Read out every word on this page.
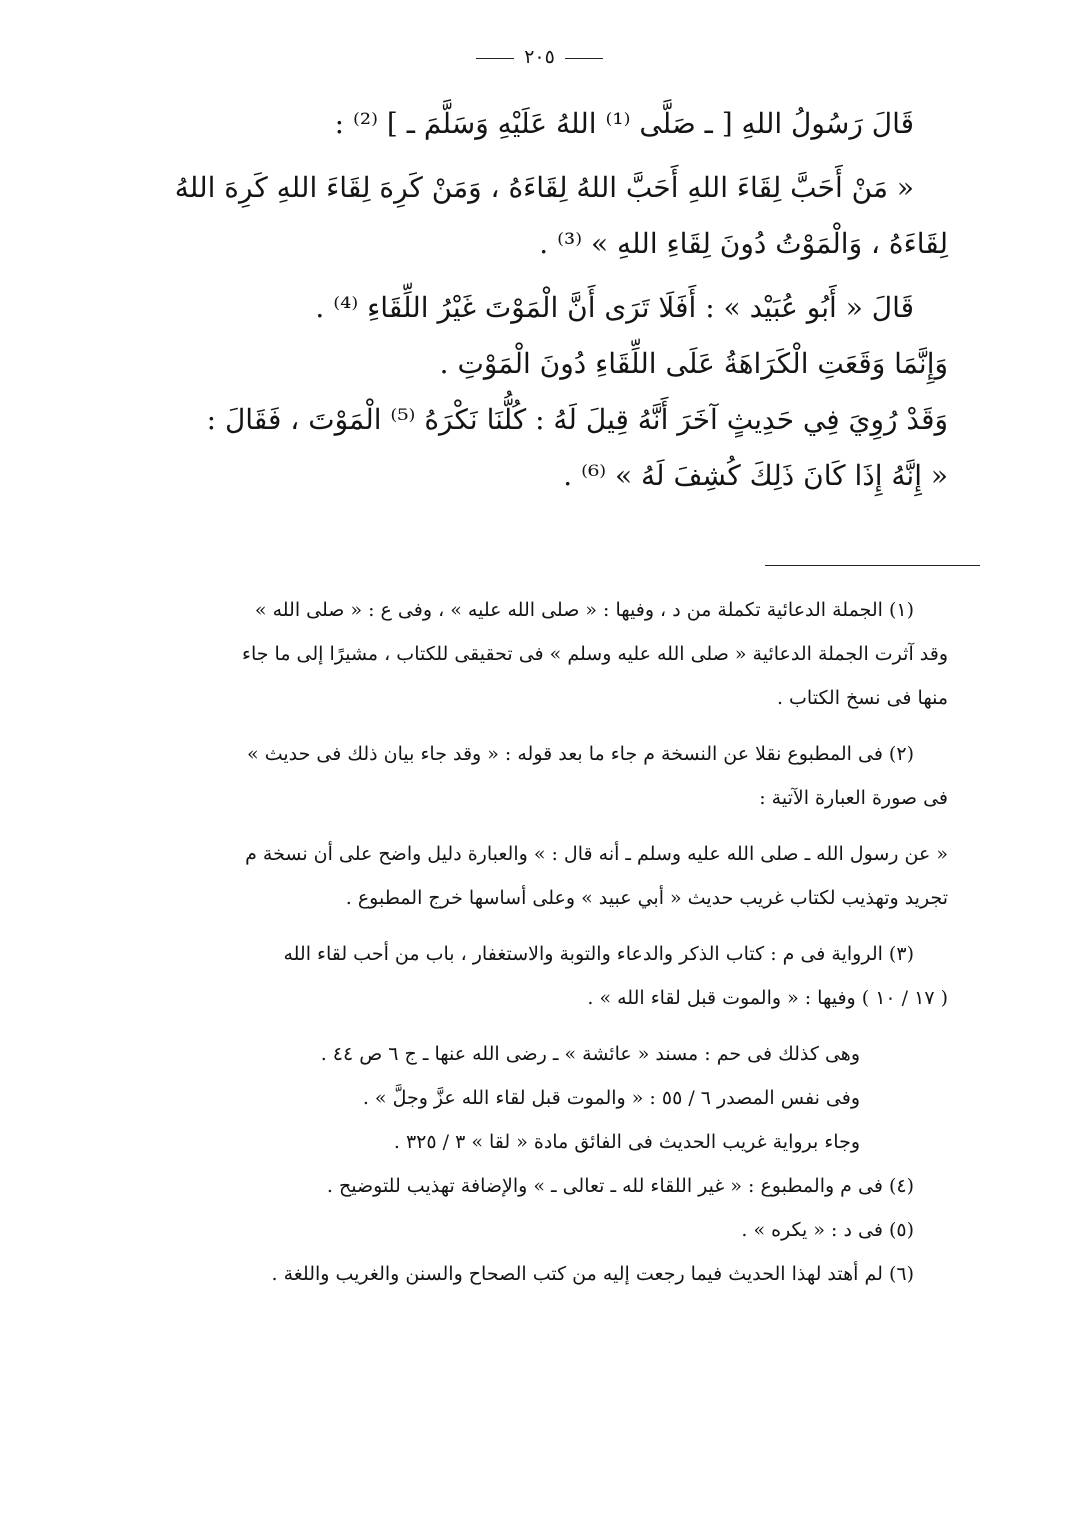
٢٠٥

قَالَ رَسُولُ اللهِ [ ـ صَلَّى ⁽¹⁾ اللهُ عَلَيْهِ وَسَلَّمَ ـ ] ⁽²⁾ :

« مَنْ أَحَبَّ لِقَاءَ اللهِ أَحَبَّ اللهُ لِقَاءَهُ ، وَمَنْ كَرِهَ لِقَاءَ اللهِ كَرِهَ اللهُ

لِقَاءَهُ ، وَالْمَوْتُ دُونَ لِقَاءِ اللهِ » ⁽³⁾ .

قَالَ « أَبُو عُبَيْد » : أَفَلَا تَرَى أَنَّ الْمَوْتَ غَيْرُ اللِّقَاءِ ⁽⁴⁾ .

وَإِنَّمَا وَقَعَتِ الْكَرَاهَةُ عَلَى اللِّقَاءِ دُونَ الْمَوْتِ .

وَقَدْ رُوِيَ فِي حَدِيثٍ آخَرَ أَنَّهُ قِيلَ لَهُ : كُلُّنَا نَكْرَهُ ⁽⁵⁾ الْمَوْتَ ، فَقَالَ :

« إِنَّهُ إِذَا كَانَ ذَلِكَ كُشِفَ لَهُ » ⁽⁶⁾ .

(١) الجملة الدعائية تكملة من د ، وفيها : « صلى الله عليه » ، وفى ع : « صلى الله »

وقد آثرت الجملة الدعائية « صلى الله عليه وسلم » فى تحقيقى للكتاب ، مشيرًا إلى ما جاء

منها فى نسخ الكتاب .

(٢) فى المطبوع نقلا عن النسخة م جاء ما بعد قوله : « وقد جاء بيان ذلك فى حديث »

فى صورة العبارة الآتية :

« عن رسول الله ـ صلى الله عليه وسلم ـ أنه قال : » والعبارة دليل واضح على أن نسخة م

تجريد وتهذيب لكتاب غريب حديث « أبي عبيد » وعلى أساسها خرج المطبوع .

(٣) الرواية فى م : كتاب الذكر والدعاء والتوبة والاستغفار ، باب من أحب لقاء الله

( ١٧ / ١٠ ) وفيها : « والموت قبل لقاء الله » .

وهى كذلك فى حم : مسند « عائشة » ـ رضى الله عنها ـ ج ٦ ص ٤٤ .

وفى نفس المصدر ٦ / ٥٥ : « والموت قبل لقاء الله عزَّ وجلَّ » .

وجاء برواية غريب الحديث فى الفائق مادة « لقا » ٣ / ٣٢٥ .

(٤) فى م والمطبوع : « غير اللقاء لله ـ تعالى ـ » والإضافة تهذيب للتوضيح .

(٥) فى د : « يكره » .

(٦) لم أهتد لهذا الحديث فيما رجعت إليه من كتب الصحاح والسنن والغريب واللغة .
